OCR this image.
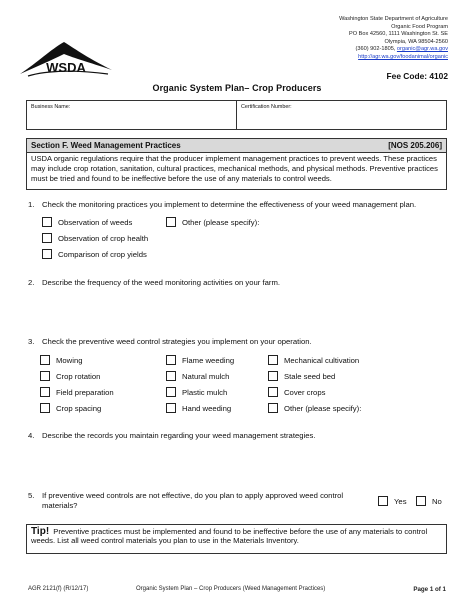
WSDA
Washington State Department of Agriculture
Organic Food Program
PO Box 42560, 1111 Washington St. SE
Olympia, WA 98504-2560
(360) 902-1805, organic@agr.wa.gov
http://agr.wa.gov/foodanimal/organic
Fee Code: 4102
Organic System Plan– Crop Producers
Business Name:	Certification Number:
Section F. Weed Management Practices	[NOS 205.206]
USDA organic regulations require that the producer implement management practices to prevent weeds. These practices may include crop rotation, sanitation, cultural practices, mechanical methods, and physical methods. Preventive practices must be tried and found to be ineffective before the use of any materials to control weeds.
1. Check the monitoring practices you implement to determine the effectiveness of your weed management plan.
Observation of weeds	Other (please specify):
Observation of crop health
Comparison of crop yields
2. Describe the frequency of the weed monitoring activities on your farm.
3. Check the preventive weed control strategies you implement on your operation.
Mowing	Flame weeding	Mechanical cultivation
Crop rotation	Natural mulch	Stale seed bed
Field preparation	Plastic mulch	Cover crops
Crop spacing	Hand weeding	Other (please specify):
4. Describe the records you maintain regarding your weed management strategies.
5. If preventive weed controls are not effective, do you plan to apply approved weed control materials?	Yes	No
Tip! Preventive practices must be implemented and found to be ineffective before the use of any materials to control weeds. List all weed control materials you plan to use in the Materials Inventory.
AGR 2121(f) (R/12/17)	Organic System Plan – Crop Producers (Weed Management Practices)	Page 1 of 1
